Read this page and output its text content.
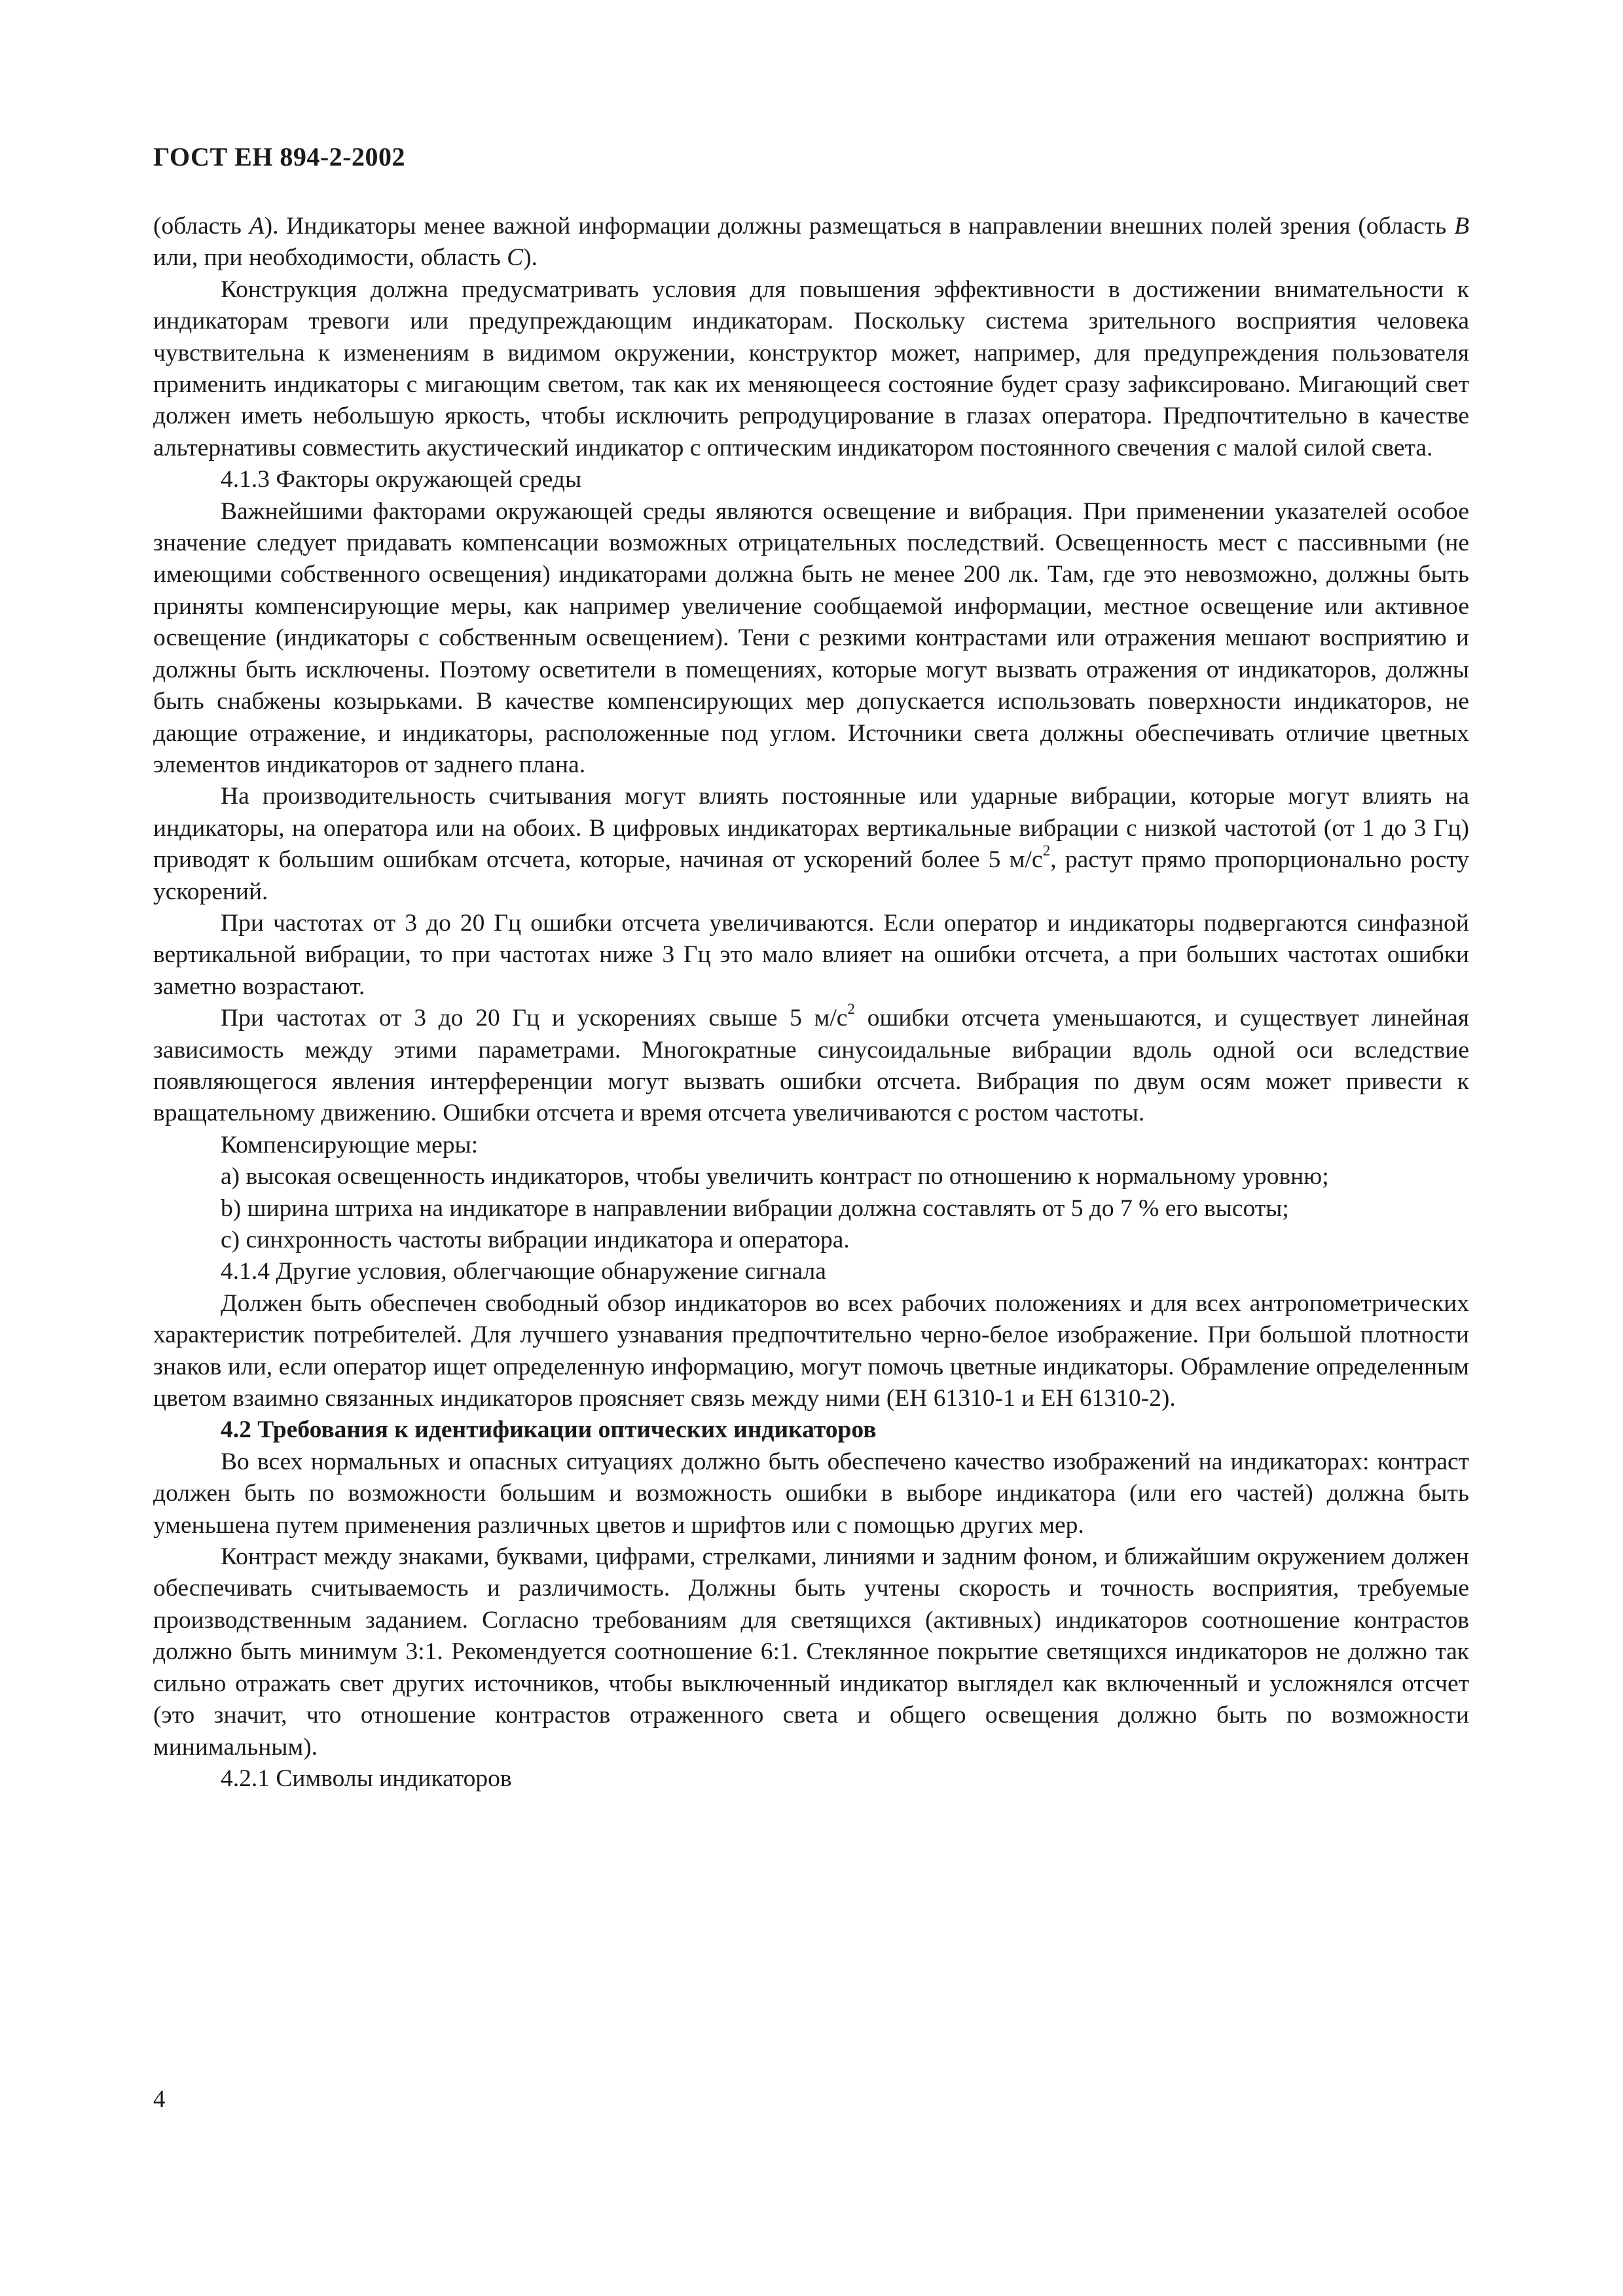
ГОСТ ЕН 894-2-2002

(область А). Индикаторы менее важной информации должны размещаться в направлении внешних полей зрения (область В или, при необходимости, область С).

Конструкция должна предусматривать условия для повышения эффективности в достижении внимательности к индикаторам тревоги или предупреждающим индикаторам. Поскольку система зрительного восприятия человека чувствительна к изменениям в видимом окружении, конструктор может, например, для предупреждения пользователя применить индикаторы с мигающим светом, так как их меняющееся состояние будет сразу зафиксировано. Мигающий свет должен иметь небольшую яркость, чтобы исключить репродуцирование в глазах оператора. Предпочтительно в качестве альтернативы совместить акустический индикатор с оптическим индикатором постоянного свечения с малой силой света.

4.1.3 Факторы окружающей среды

Важнейшими факторами окружающей среды являются освещение и вибрация. При применении указателей особое значение следует придавать компенсации возможных отрицательных последствий. Освещенность мест с пассивными (не имеющими собственного освещения) индикаторами должна быть не менее 200 лк. Там, где это невозможно, должны быть приняты компенсирующие меры, как например увеличение сообщаемой информации, местное освещение или активное освещение (индикаторы с собственным освещением). Тени с резкими контрастами или отражения мешают восприятию и должны быть исключены. Поэтому осветители в помещениях, которые могут вызвать отражения от индикаторов, должны быть снабжены козырьками. В качестве компенсирующих мер допускается использовать поверхности индикаторов, не дающие отражение, и индикаторы, расположенные под углом. Источники света должны обеспечивать отличие цветных элементов индикаторов от заднего плана.

На производительность считывания могут влиять постоянные или ударные вибрации, которые могут влиять на индикаторы, на оператора или на обоих. В цифровых индикаторах вертикальные вибрации с низкой частотой (от 1 до 3 Гц) приводят к большим ошибкам отсчета, которые, начиная от ускорений более 5 $м/с^2$, растут прямо пропорционально росту ускорений.

При частотах от 3 до 20 Гц ошибки отсчета увеличиваются. Если оператор и индикаторы подвергаются синфазной вертикальной вибрации, то при частотах ниже 3 Гц это мало влияет на ошибки отсчета, а при больших частотах ошибки заметно возрастают.

При частотах от 3 до 20 Гц и ускорениях свыше 5 $м/с^2$ ошибки отсчета уменьшаются, и существует линейная зависимость между этими параметрами. Многократные синусоидальные вибрации вдоль одной оси вследствие появляющегося явления интерференции могут вызвать ошибки отсчета. Вибрация по двум осям может привести к вращательному движению. Ошибки отсчета и время отсчета увеличиваются с ростом частоты.

Компенсирующие меры:

а) высокая освещенность индикаторов, чтобы увеличить контраст по отношению к нормальному уровню;

b) ширина штриха на индикаторе в направлении вибрации должна составлять от 5 до 7 % его высоты;

с) синхронность частоты вибрации индикатора и оператора.

4.1.4 Другие условия, облегчающие обнаружение сигнала

Должен быть обеспечен свободный обзор индикаторов во всех рабочих положениях и для всех антропометрических характеристик потребителей. Для лучшего узнавания предпочтительно черно-белое изображение. При большой плотности знаков или, если оператор ищет определенную информацию, могут помочь цветные индикаторы. Обрамление определенным цветом взаимно связанных индикаторов проясняет связь между ними (ЕН 61310-1 и ЕН 61310-2).

4.2 Требования к идентификации оптических индикаторов

Во всех нормальных и опасных ситуациях должно быть обеспечено качество изображений на индикаторах: контраст должен быть по возможности большим и возможность ошибки в выборе индикатора (или его частей) должна быть уменьшена путем применения различных цветов и шрифтов или с помощью других мер.

Контраст между знаками, буквами, цифрами, стрелками, линиями и задним фоном, и ближайшим окружением должен обеспечивать считываемость и различимость. Должны быть учтены скорость и точность восприятия, требуемые производственным заданием. Согласно требованиям для светящихся (активных) индикаторов соотношение контрастов должно быть минимум 3:1. Рекомендуется соотношение 6:1. Стеклянное покрытие светящихся индикаторов не должно так сильно отражать свет других источников, чтобы выключенный индикатор выглядел как включенный и усложнялся отсчет (это значит, что отношение контрастов отраженного света и общего освещения должно быть по возможности минимальным).

4.2.1 Символы индикаторов

4
